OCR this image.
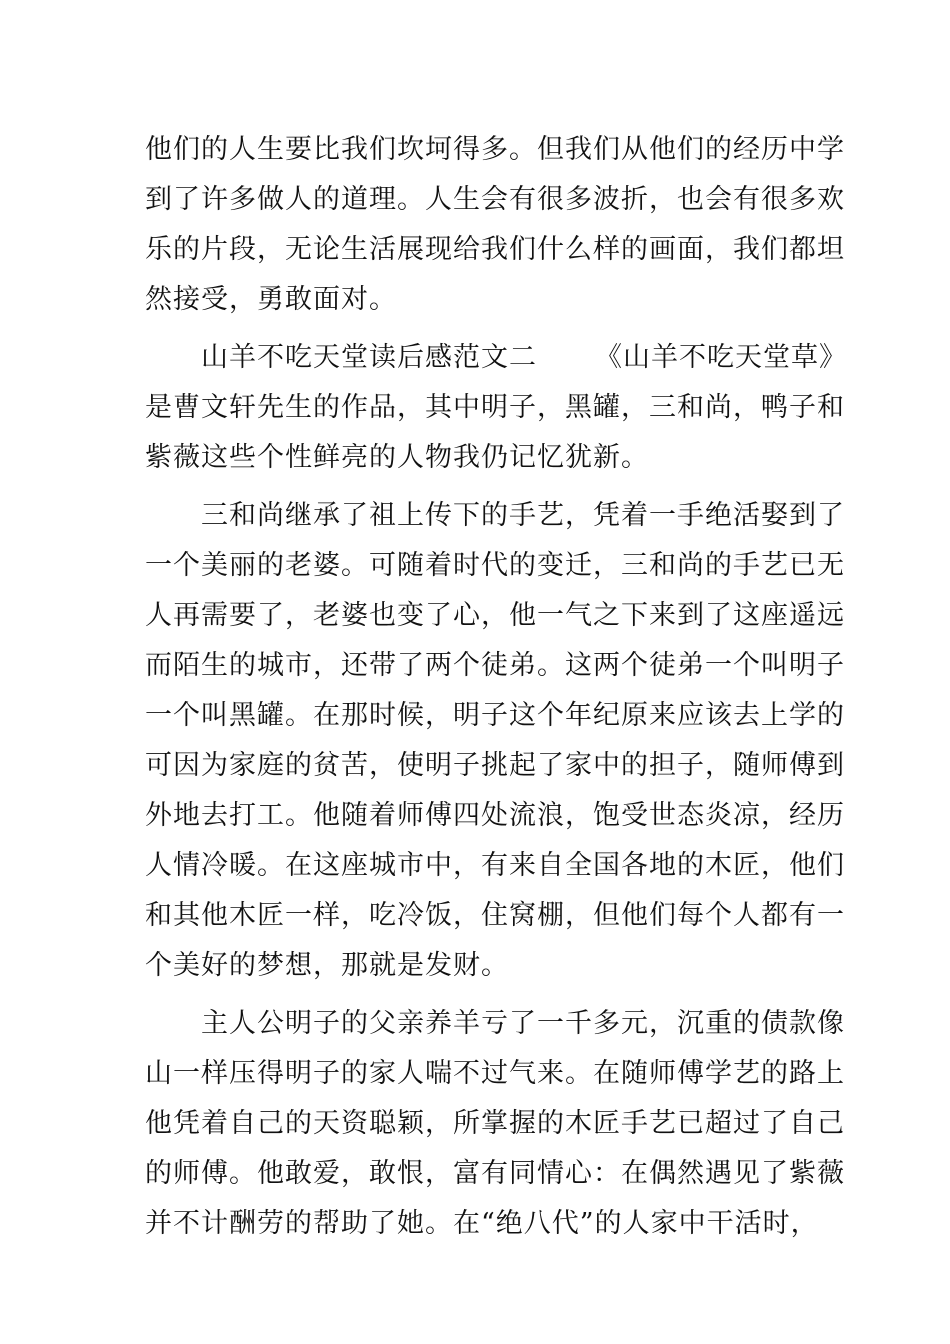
他们的人生要比我们坎坷得多。但我们从他们的经历中学
到了许多做人的道理。人生会有很多波折，也会有很多欢
乐的片段，无论生活展现给我们什么样的画面，我们都坦
然接受，勇敢面对。
山羊不吃天堂读后感范文二 《山羊不吃天堂草》
是曹文轩先生的作品，其中明子，黑罐，三和尚，鸭子和
紫薇这些个性鲜亮的人物我仍记忆犹新。
三和尚继承了祖上传下的手艺，凭着一手绝活娶到了
一个美丽的老婆。可随着时代的变迁，三和尚的手艺已无
人再需要了，老婆也变了心，他一气之下来到了这座遥远
而陌生的城市，还带了两个徒弟。这两个徒弟一个叫明子
一个叫黑罐。在那时候，明子这个年纪原来应该去上学的
可因为家庭的贫苦，使明子挑起了家中的担子，随师傅到
外地去打工。他随着师傅四处流浪，饱受世态炎凉，经历
人情冷暖。在这座城市中，有来自全国各地的木匠，他们
和其他木匠一样，吃冷饭，住窝棚，但他们每个人都有一
个美好的梦想，那就是发财。
主人公明子的父亲养羊亏了一千多元，沉重的债款像
山一样压得明子的家人喘不过气来。在随师傅学艺的路上
他凭着自己的天资聪颖，所掌握的木匠手艺已超过了自己
的师傅。他敢爱，敢恨，富有同情心：在偶然遇见了紫薇
并不计酬劳的帮助了她。在“绝八代”的人家中干活时，
